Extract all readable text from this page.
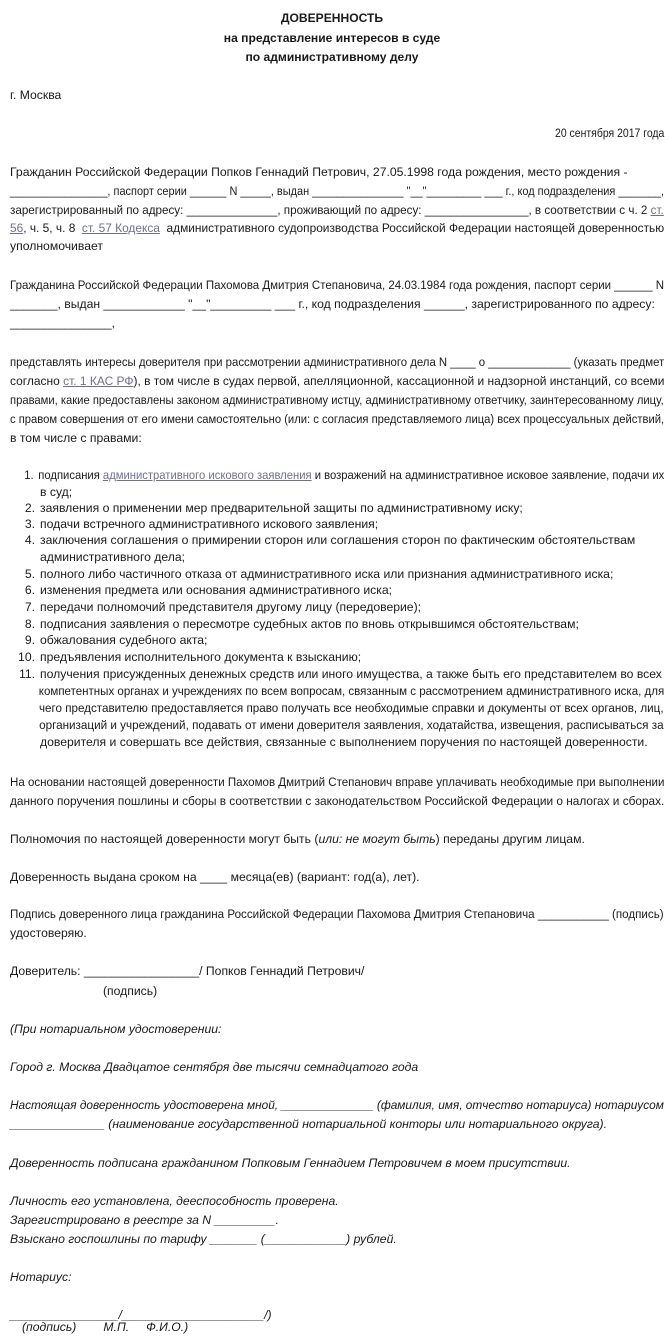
ДОВЕРЕННОСТЬ
на представление интересов в суде
по административному делу
г. Москва
20 сентября 2017 года
Гражданин Российской Федерации Попков Геннадий Петрович, 27.05.1998 года рождения, место рождения -
________________, паспорт серии ______ N _____, выдан _______________ "__"_________ ___ г., код подразделения _______,
зарегистрированный по адресу: ______________, проживающий по адресу: ________________, в соответствии с ч. 2 ст.
56, ч. 5, ч. 8  ст. 57 Кодекса  административного судопроизводства Российской Федерации настоящей доверенностью
уполномочивает
Гражданина Российской Федерации Пахомова Дмитрия Степановича, 24.03.1984 года рождения, паспорт серии ______ N
_______, выдан ____________ "__"_________ ___ г., код подразделения ______, зарегистрированного по адресу:
_______________,
представлять интересы доверителя при рассмотрении административного дела N ____ о _____________ (указать предмет
согласно ст. 1 КАС РФ), в том числе в судах первой, апелляционной, кассационной и надзорной инстанций, со всеми
правами, какие предоставлены законом административному истцу, административному ответчику, заинтересованному лицу,
с правом совершения от его имени самостоятельно (или: с согласия представляемого лица) всех процессуальных действий,
в том числе с правами:
1. подписания административного искового заявления и возражений на административное исковое заявление, подачи их
в суд;
2. заявления о применении мер предварительной защиты по административному иску;
3. подачи встречного административного искового заявления;
4. заключения соглашения о примирении сторон или соглашения сторон по фактическим обстоятельствам
административного дела;
5. полного либо частичного отказа от административного иска или признания административного иска;
6. изменения предмета или основания административного иска;
7. передачи полномочий представителя другому лицу (передоверие);
8. подписания заявления о пересмотре судебных актов по вновь открывшимся обстоятельствам;
9. обжалования судебного акта;
10. предъявления исполнительного документа к взысканию;
11. получения присужденных денежных средств или иного имущества, а также быть его представителем во всех
компетентных органах и учреждениях по всем вопросам, связанным с рассмотрением административного иска, для
чего представителю предоставляется право получать все необходимые справки и документы от всех органов, лиц,
организаций и учреждений, подавать от имени доверителя заявления, ходатайства, извещения, расписываться за
доверителя и совершать все действия, связанные с выполнением поручения по настоящей доверенности.
На основании настоящей доверенности Пахомов Дмитрий Степанович вправе уплачивать необходимые при выполнении
данного поручения пошлины и сборы в соответствии с законодательством Российской Федерации о налогах и сборах.
Полномочия по настоящей доверенности могут быть (или: не могут быть) переданы другим лицам.
Доверенность выдана сроком на ____ месяца(ев) (вариант: год(а), лет).
Подпись доверенного лица гражданина Российской Федерации Пахомова Дмитрия Степановича ___________ (подпись)
удостоверяю.
Доверитель: _________________/ Попков Геннадий Петрович/
(подпись)
(При нотариальном удостоверении:
Город г. Москва Двадцатое сентября две тысячи семнадцатого года
Настоящая доверенность удостоверена мной, ______________ (фамилия, имя, отчество нотариуса) нотариусом
______________ (наименование государственной нотариальной конторы или нотариального округа).
Доверенность подписана гражданином Попковым Геннадием Петровичем в моем присутствии.
Личность его установлена, дееспособность проверена.
Зарегистрировано в реестре за N _________.
Взыскано госпошлины по тарифу _______ (____________) рублей.
Нотариус:
________________/_____________________/)
(подпись)        М.П.     Ф.И.О.)
